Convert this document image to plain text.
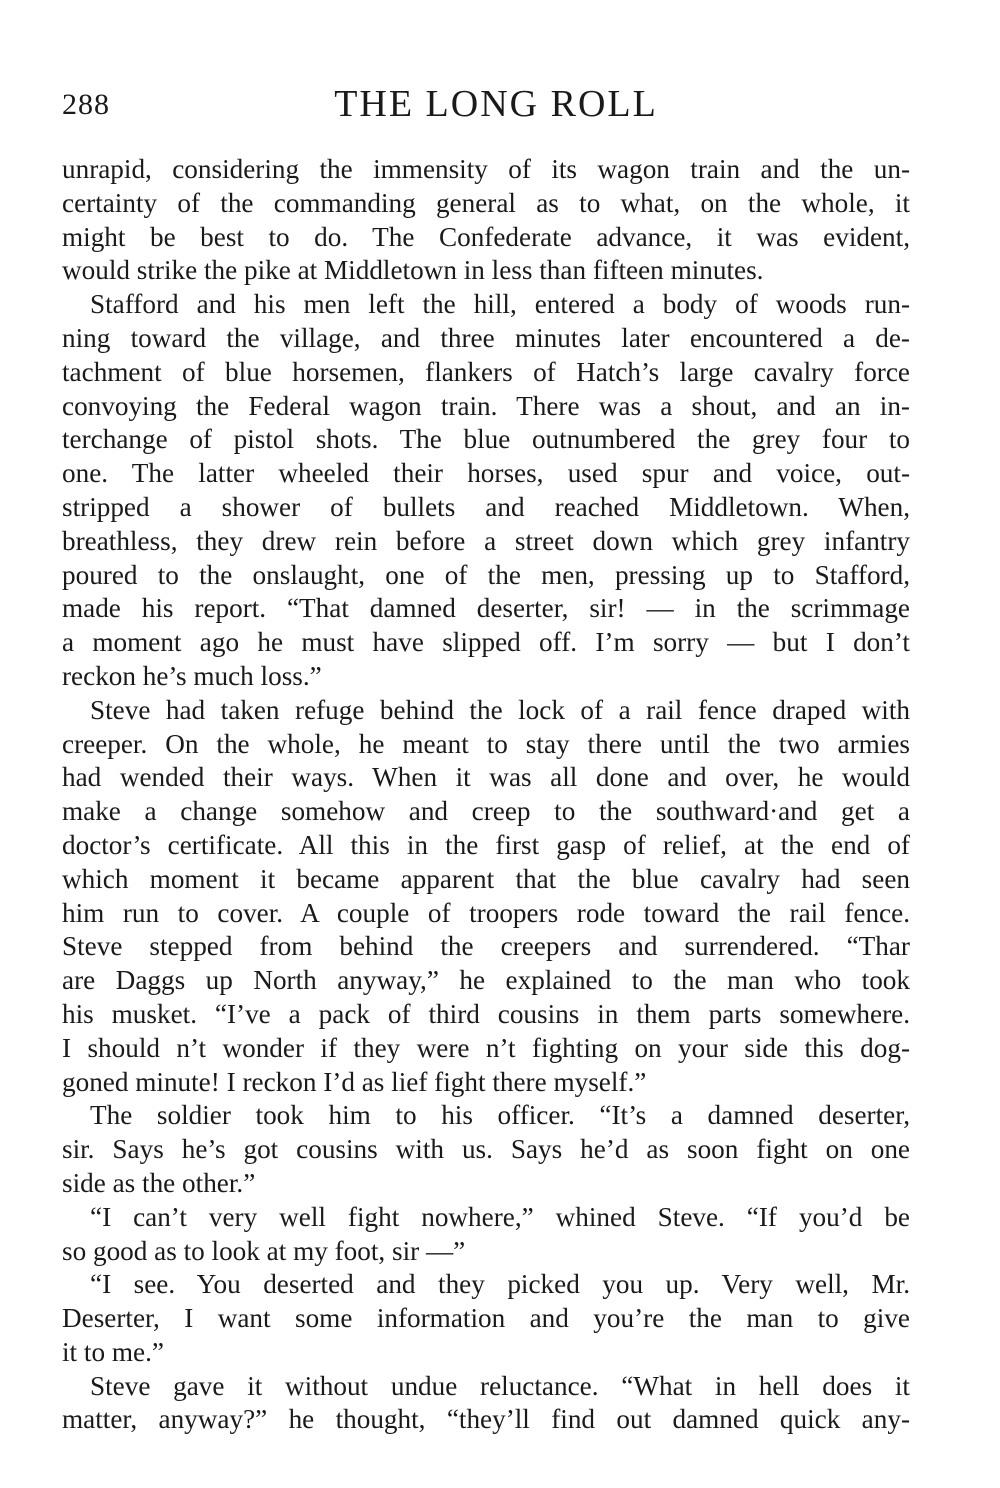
288	THE LONG ROLL
unrapid, considering the immensity of its wagon train and the un-
certainty of the commanding general as to what, on the whole, it
might be best to do. The Confederate advance, it was evident,
would strike the pike at Middletown in less than fifteen minutes.
Stafford and his men left the hill, entered a body of woods run-
ning toward the village, and three minutes later encountered a de-
tachment of blue horsemen, flankers of Hatch’s large cavalry force
convoying the Federal wagon train. There was a shout, and an in-
terchange of pistol shots. The blue outnumbered the grey four to
one. The latter wheeled their horses, used spur and voice, out-
stripped a shower of bullets and reached Middletown. When,
breathless, they drew rein before a street down which grey infantry
poured to the onslaught, one of the men, pressing up to Stafford,
made his report. “That damned deserter, sir! — in the scrimmage
a moment ago he must have slipped off. I’m sorry — but I don’t
reckon he’s much loss.”
Steve had taken refuge behind the lock of a rail fence draped with
creeper. On the whole, he meant to stay there until the two armies
had wended their ways. When it was all done and over, he would
make a change somehow and creep to the southward·and get a
doctor’s certificate. All this in the first gasp of relief, at the end of
which moment it became apparent that the blue cavalry had seen
him run to cover. A couple of troopers rode toward the rail fence.
Steve stepped from behind the creepers and surrendered. “Thar
are Daggs up North anyway,” he explained to the man who took
his musket. “I’ve a pack of third cousins in them parts somewhere.
I should n’t wonder if they were n’t fighting on your side this dog-
goned minute! I reckon I’d as lief fight there myself.”
The soldier took him to his officer. “It’s a damned deserter,
sir. Says he’s got cousins with us. Says he’d as soon fight on one
side as the other.”
“I can’t very well fight nowhere,” whined Steve. “If you’d be
so good as to look at my foot, sir —”
“I see. You deserted and they picked you up. Very well, Mr.
Deserter, I want some information and you’re the man to give
it to me.”
Steve gave it without undue reluctance. “What in hell does it
matter, anyway?” he thought, “they’ll find out damned quick any-
